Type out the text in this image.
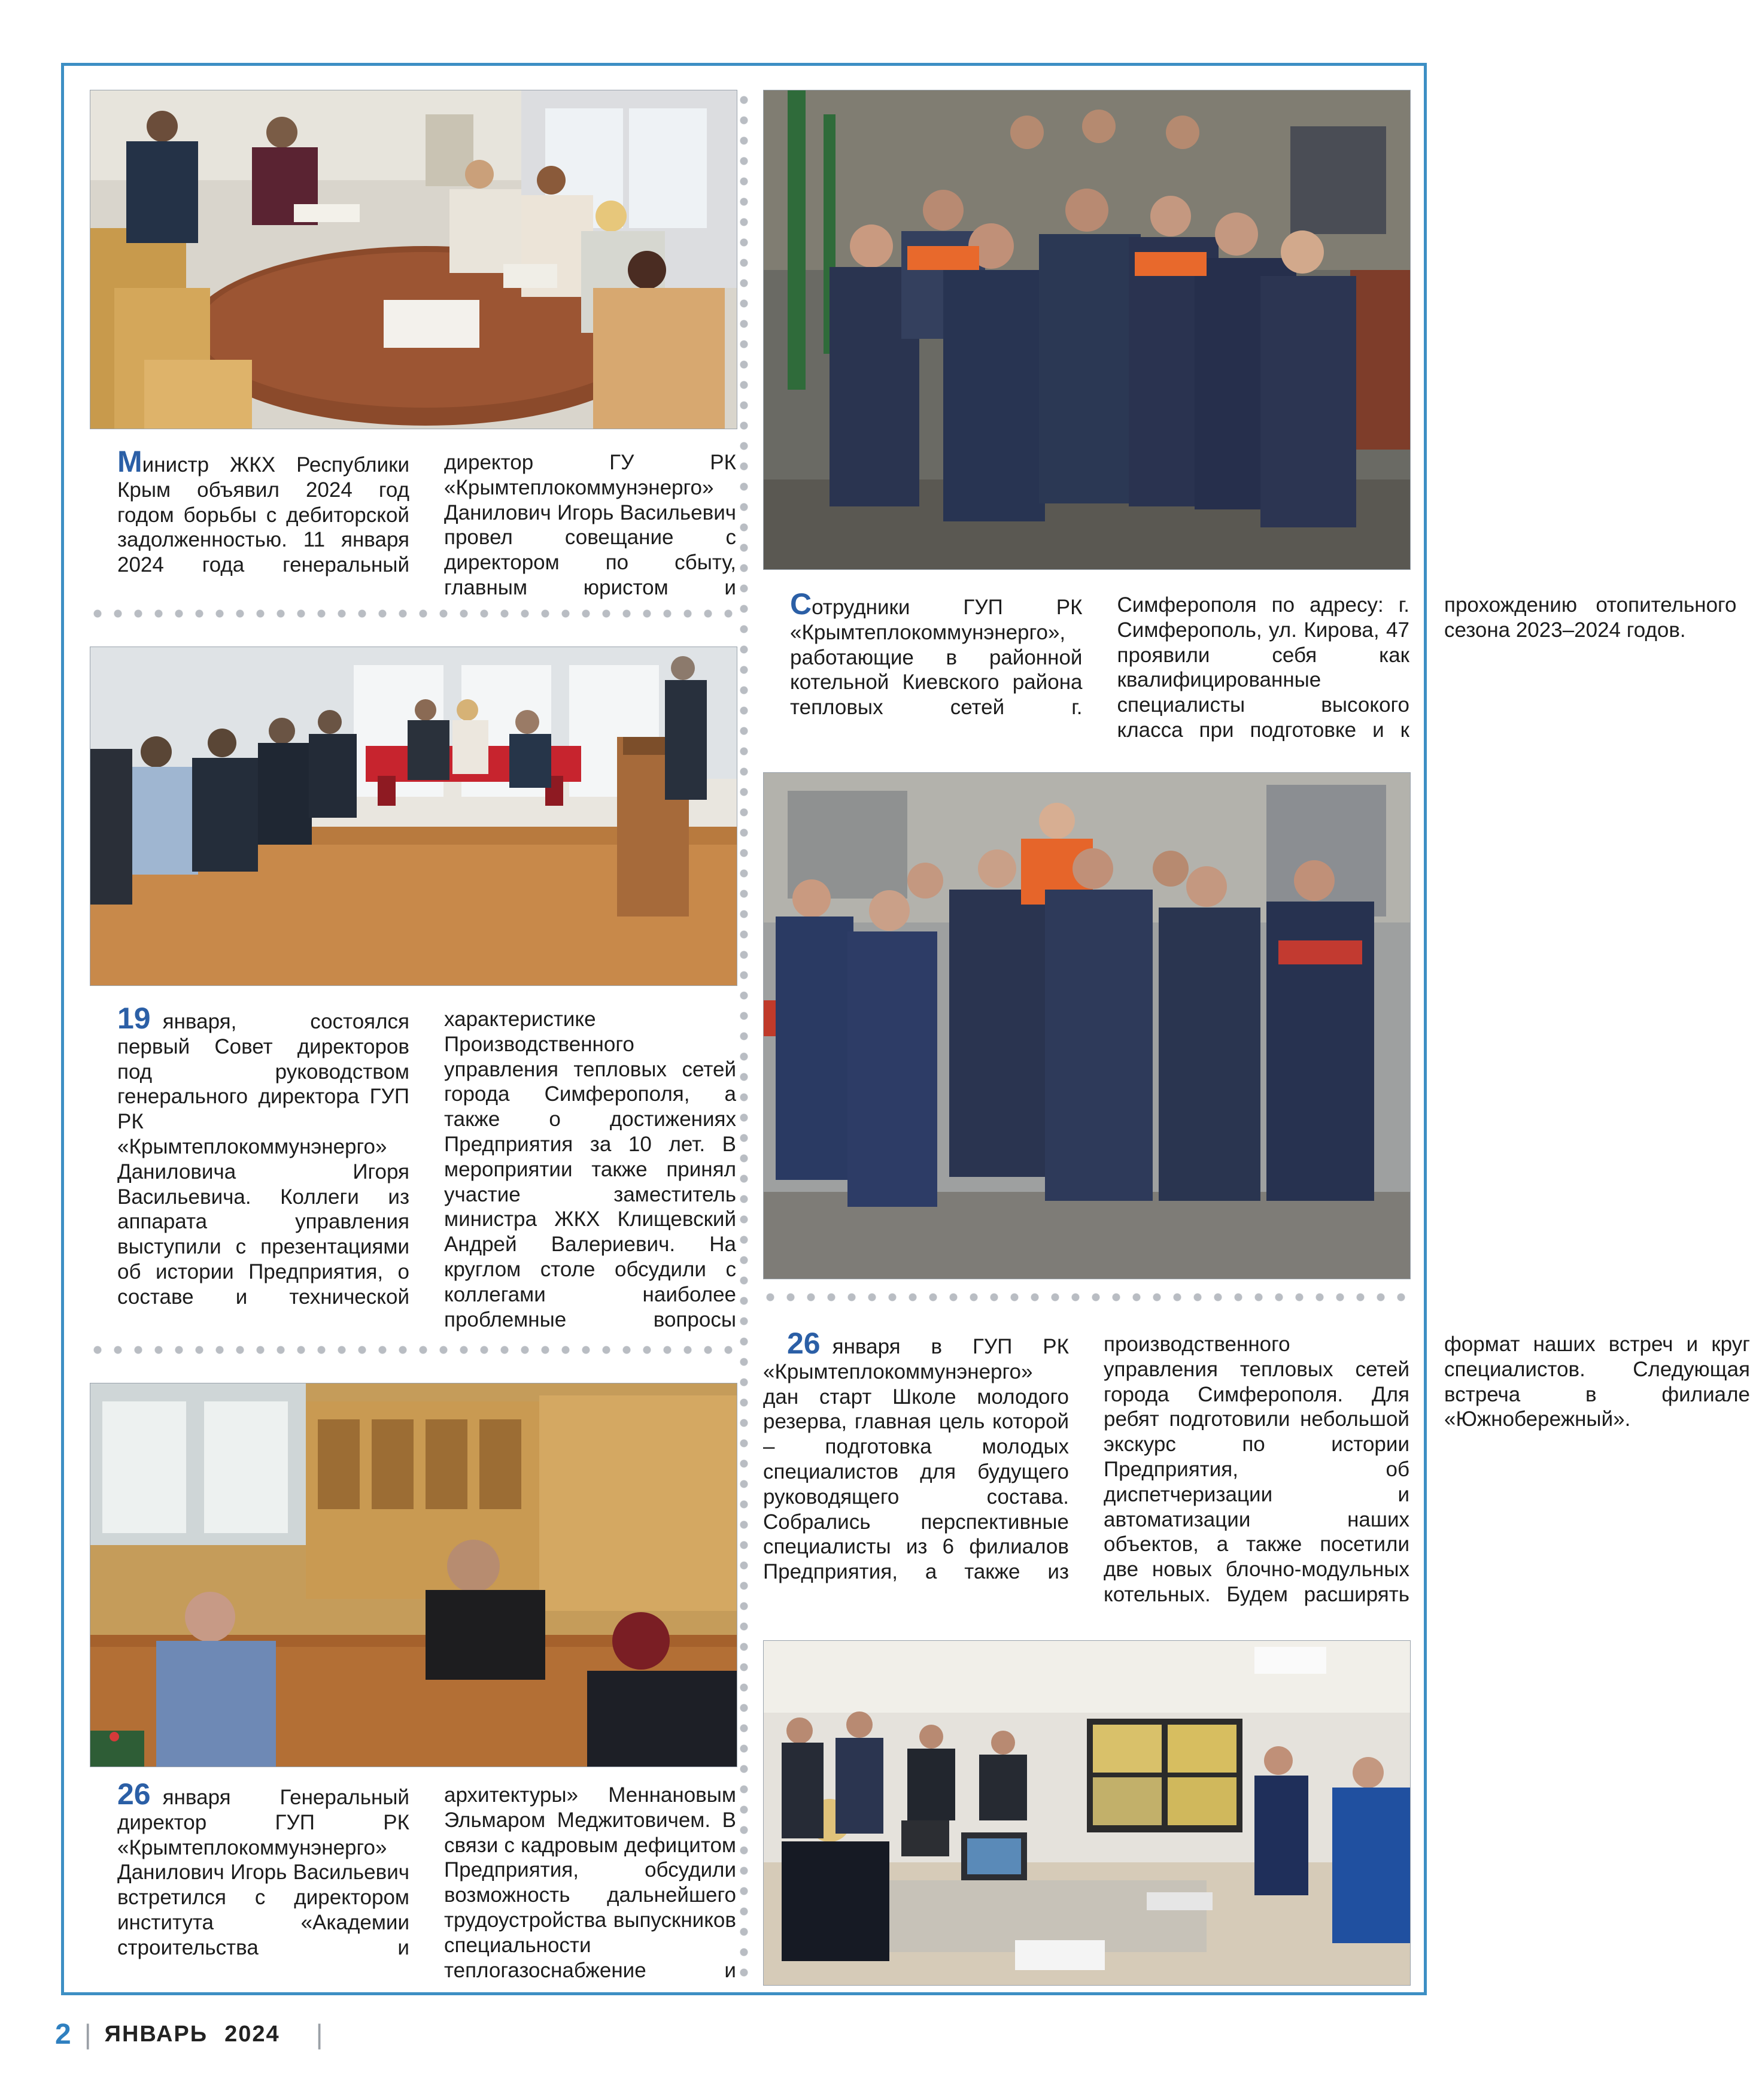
Министр ЖКХ Республики Крым объявил 2024 год годом борьбы с дебиторской задолженностью. 11 января 2024 года генеральный директор ГУ РК «Крымтеплокоммунэнерго» Данилович Игорь Васильевич провел совещание с директором по сбыту, главным юристом и
19 января, состоялся первый Совет директоров под руководством генерального директора ГУП РК «Крымтеплокоммунэнерго» Даниловича Игоря Васильевича. Коллеги из аппарата управления выступили с презентациями об истории Предприятия, о составе и технической характеристике Производственного управления тепловых сетей города Симферополя, а также о достижениях Предприятия за 10 лет. В мероприятии также принял участие заместитель министра ЖКХ Клищевский Андрей Валериевич. На круглом столе обсудили с коллегами наиболее проблемные вопросы
26 января Генеральный директор ГУП РК «Крымтеплокоммунэнерго» Данилович Игорь Васильевич встретился с директором института «Академии строительства и архитектуры» Меннановым Эльмаром Меджитовичем. В связи с кадровым дефицитом Предприятия, обсудили возможность дальнейшего трудоустройства выпускников специальности теплогазоснабжение и
Сотрудники ГУП РК «Крымтеплокоммунэнерго», работающие в районной котельной Киевского района тепловых сетей г. Симферополя по адресу: г. Симферополь, ул. Кирова, 47 проявили себя как квалифицированные специалисты высокого класса при подготовке и к прохождению отопительного сезона 2023–2024 годов.
26 января в ГУП РК «Крымтеплокоммунэнерго» дан старт Школе молодого резерва, главная цель которой – подготовка молодых специалистов для будущего руководящего состава. Собрались перспективные специалисты из 6 филиалов Предприятия, а также из производственного управления тепловых сетей города Симферополя. Для ребят подготовили небольшой экскурс по истории Предприятия, об диспетчеризации и автоматизации наших объектов, а также посетили две новых блочно-модульных котельных. Будем расширять формат наших встреч и круг специалистов. Следующая встреча в филиале «Южнобережный».
2 | ЯНВАРЬ 2024 |
